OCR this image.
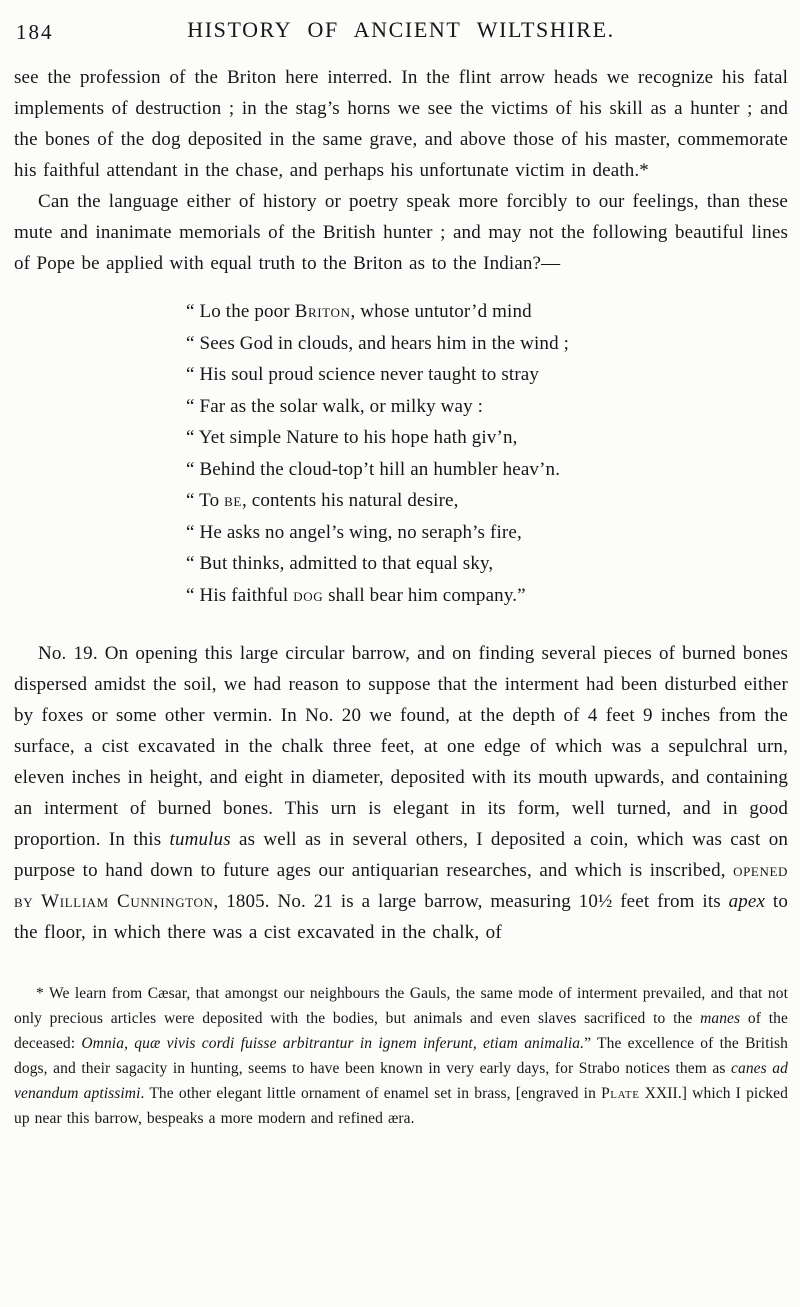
184	HISTORY OF ANCIENT WILTSHIRE.

see the profession of the Briton here interred. In the flint arrow heads we recognize his fatal implements of destruction ; in the stag’s horns we see the victims of his skill as a hunter ; and the bones of the dog deposited in the same grave, and above those of his master, commemorate his faithful attendant in the chase, and perhaps his unfortunate victim in death.*

Can the language either of history or poetry speak more forcibly to our feelings, than these mute and inanimate memorials of the British hunter ; and may not the following beautiful lines of Pope be applied with equal truth to the Briton as to the Indian?—

“ Lo the poor Briton, whose untutor’d mind
“ Sees God in clouds, and hears him in the wind ;
“ His soul proud science never taught to stray
“ Far as the solar walk, or milky way :
“ Yet simple Nature to his hope hath giv’n,
“ Behind the cloud-top’t hill an humbler heav’n.
“ To be, contents his natural desire,
“ He asks no angel’s wing, no seraph’s fire,
“ But thinks, admitted to that equal sky,
“ His faithful dog shall bear him company.”

No. 19. On opening this large circular barrow, and on finding several pieces of burned bones dispersed amidst the soil, we had reason to suppose that the interment had been disturbed either by foxes or some other vermin. In No. 20 we found, at the depth of 4 feet 9 inches from the surface, a cist excavated in the chalk three feet, at one edge of which was a sepulchral urn, eleven inches in height, and eight in diameter, deposited with its mouth upwards, and containing an interment of burned bones. This urn is elegant in its form, well turned, and in good proportion. In this tumulus as well as in several others, I deposited a coin, which was cast on purpose to hand down to future ages our antiquarian researches, and which is inscribed, opened by William Cunnington, 1805. No. 21 is a large barrow, measuring 10½ feet from its apex to the floor, in which there was a cist excavated in the chalk, of

* We learn from Cæsar, that amongst our neighbours the Gauls, the same mode of interment prevailed, and that not only precious articles were deposited with the bodies, but animals and even slaves sacrificed to the manes of the deceased: Omnia, quæ vivis cordi fuisse arbitrantur in ignem inferunt, etiam animalia.” The excellence of the British dogs, and their sagacity in hunting, seems to have been known in very early days, for Strabo notices them as canes ad venandum aptissimi. The other elegant little ornament of enamel set in brass, [engraved in Plate XXII.] which I picked up near this barrow, bespeaks a more modern and refined æra.
